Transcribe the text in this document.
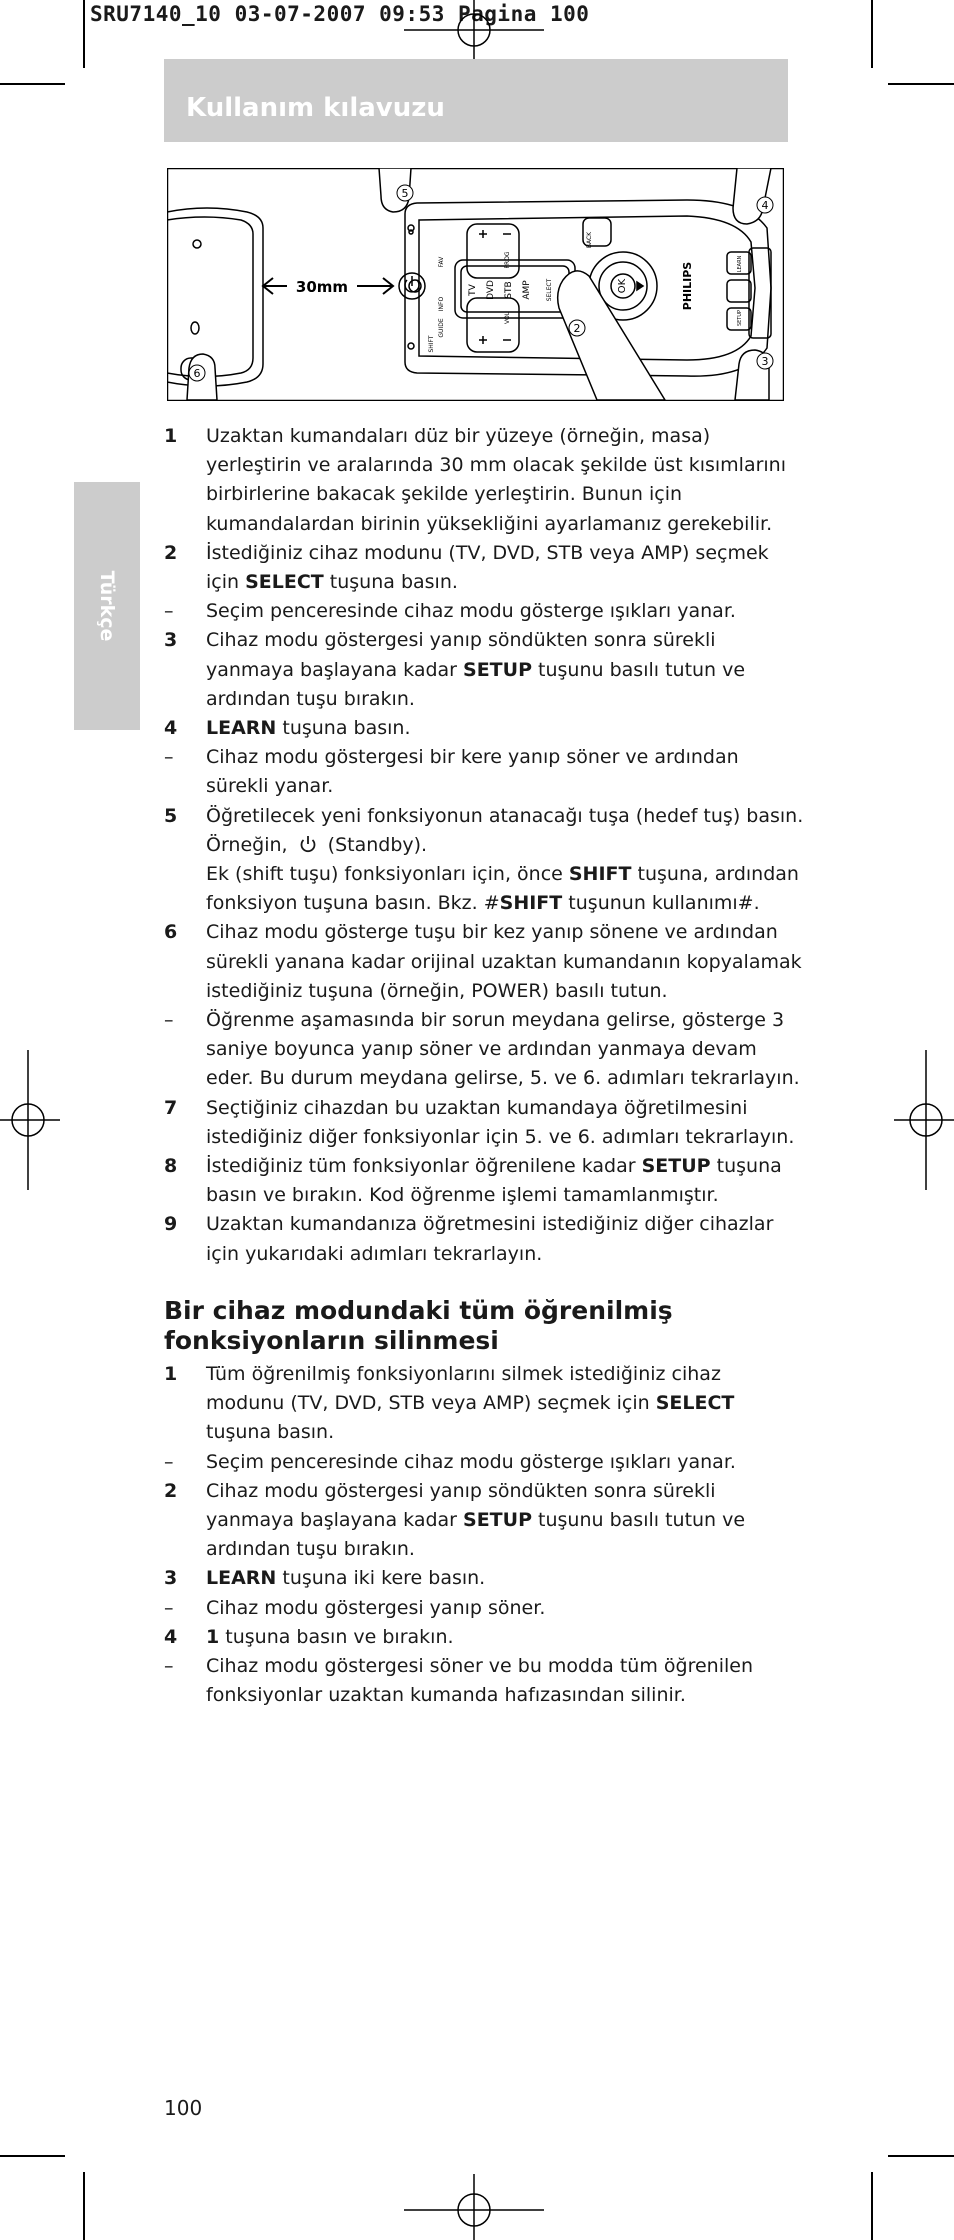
SRU7140_10 03-07-2007 09:53 Pagina 100
Kullanım kılavuzu
Türkçe
30mm	TV DVD STB AMP SELECT
PROG
VOL
BACK
OK	PHILIPS	LEARN
SETUP
SHIFT
GUIDE
INFO
FAV
5
4
2
3
6
1	Uzaktan kumandaları düz bir yüzeye (örneğin, masa) yerleştirin ve aralarında 30 mm olacak şekilde üst kısımlarını birbirlerine bakacak şekilde yerleştirin. Bunun için kumandalardan birinin yüksekliğini ayarlamanız gerekebilir.
2	İstediğiniz cihaz modunu (TV, DVD, STB veya AMP) seçmek için SELECT tuşuna basın.
–	Seçim penceresinde cihaz modu gösterge ışıkları yanar.
3	Cihaz modu göstergesi yanıp söndükten sonra sürekli yanmaya başlayana kadar SETUP tuşunu basılı tutun ve ardından tuşu bırakın.
4	LEARN tuşuna basın.
–	Cihaz modu göstergesi bir kere yanıp söner ve ardından sürekli yanar.
5	Öğretilecek yeni fonksiyonun atanacağı tuşa (hedef tuş) basın.
Örneğin,  (Standby).
Ek (shift tuşu) fonksiyonları için, önce SHIFT tuşuna, ardından fonksiyon tuşuna basın. Bkz. #SHIFT tuşunun kullanımı#.
6	Cihaz modu gösterge tuşu bir kez yanıp sönene ve ardından sürekli yanana kadar orijinal uzaktan kumandanın kopyalamak istediğiniz tuşuna (örneğin, POWER) basılı tutun.
–	Öğrenme aşamasında bir sorun meydana gelirse, gösterge 3 saniye boyunca yanıp söner ve ardından yanmaya devam eder. Bu durum meydana gelirse, 5. ve 6. adımları tekrarlayın.
7	Seçtiğiniz cihazdan bu uzaktan kumandaya öğretilmesini istediğiniz diğer fonksiyonlar için 5. ve 6. adımları tekrarlayın.
8	İstediğiniz tüm fonksiyonlar öğrenilene kadar SETUP tuşuna basın ve bırakın. Kod öğrenme işlemi tamamlanmıştır.
9	Uzaktan kumandanıza öğretmesini istediğiniz diğer cihazlar için yukarıdaki adımları tekrarlayın.
Bir cihaz modundaki tüm öğrenilmiş fonksiyonların silinmesi
1	Tüm öğrenilmiş fonksiyonlarını silmek istediğiniz cihaz modunu (TV, DVD, STB veya AMP) seçmek için SELECT tuşuna basın.
–	Seçim penceresinde cihaz modu gösterge ışıkları yanar.
2	Cihaz modu göstergesi yanıp söndükten sonra sürekli yanmaya başlayana kadar SETUP tuşunu basılı tutun ve ardından tuşu bırakın.
3	LEARN tuşuna iki kere basın.
–	Cihaz modu göstergesi yanıp söner.
4	1 tuşuna basın ve bırakın.
–	Cihaz modu göstergesi söner ve bu modda tüm öğrenilen fonksiyonlar uzaktan kumanda hafızasından silinir.
100
